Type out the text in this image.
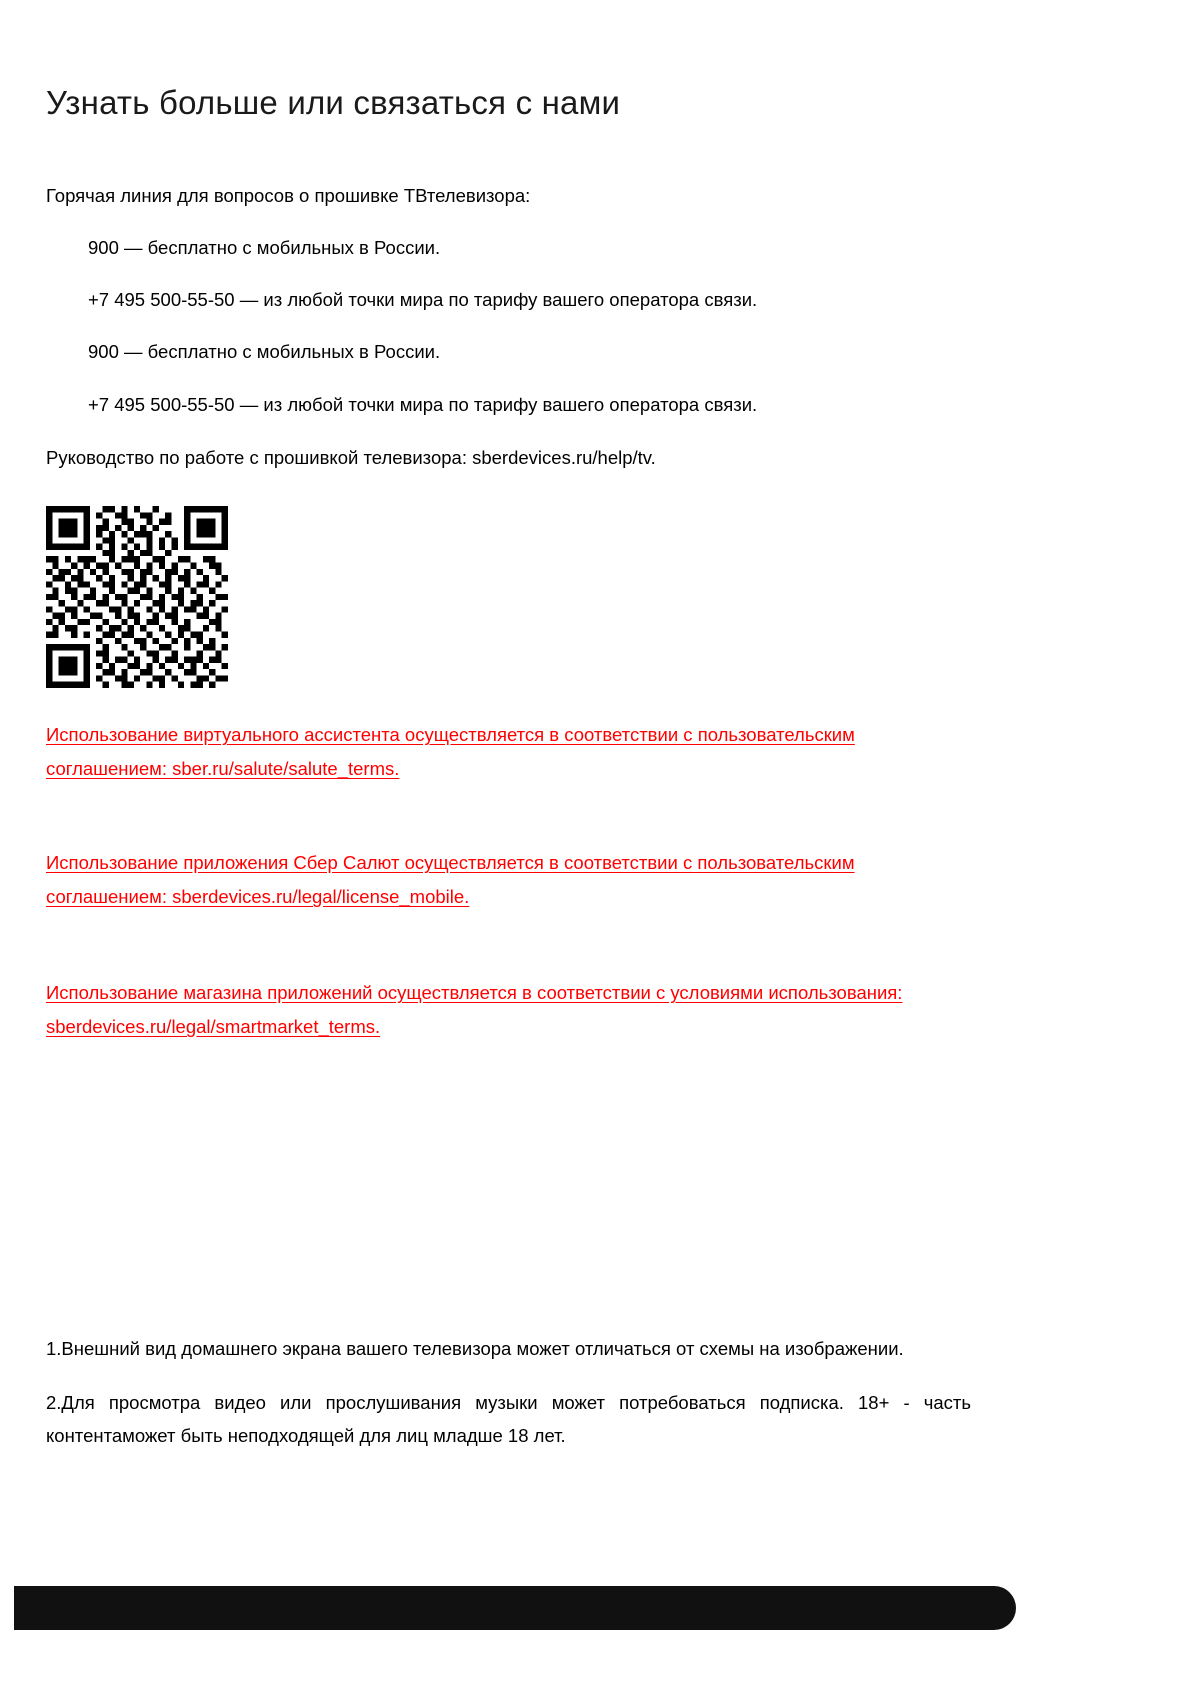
Узнать больше или связаться с нами
Горячая линия для вопросов о прошивке ТВтелевизора:
900 — бесплатно с мобильных в России.
+7 495 500-55-50 — из любой точки мира по тарифу вашего оператора связи.
900 — бесплатно с мобильных в России.
+7 495 500-55-50 — из любой точки мира по тарифу вашего оператора связи.
Руководство по работе с прошивкой телевизора: sberdevices.ru/help/tv.
Использование виртуального ассистента осуществляется в соответствии с пользовательским соглашением: sber.ru/salute/salute_terms.
Использование приложения Сбер Салют осуществляется в соответствии с пользовательским соглашением: sberdevices.ru/legal/license_mobile.
Использование магазина приложений осуществляется в соответствии с условиями использования: sberdevices.ru/legal/smartmarket_terms.
1.Внешний вид домашнего экрана вашего телевизора может отличаться от схемы на изображении.
2.Для просмотра видео или прослушивания музыки может потребоваться подписка. 18+ - часть контентаможет быть неподходящей для лиц младше 18 лет.
